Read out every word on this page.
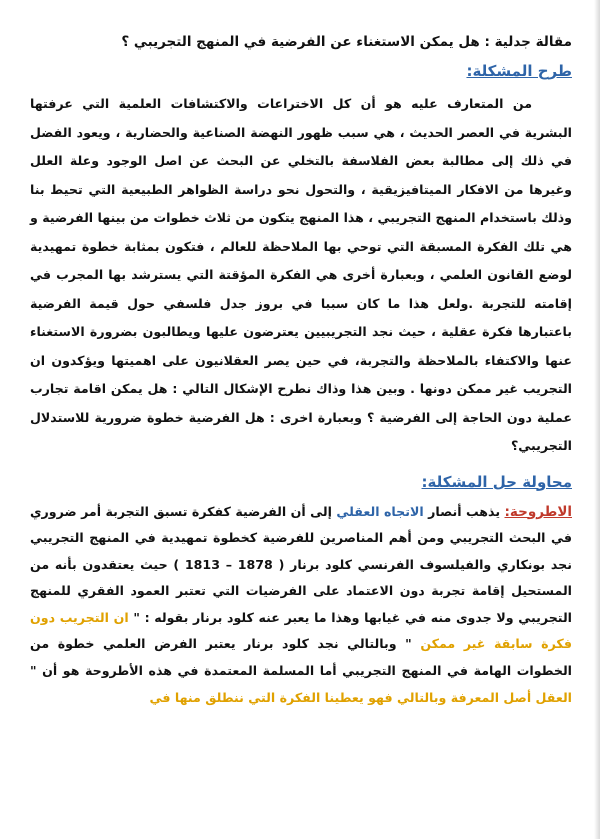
مقالة جدلية : هل يمكن الاستغناء عن الفرضية في المنهج التجريبي ؟
طرح المشكلة:

من المتعارف عليه هو أن كل الاختراعات والاكتشافات العلمية التي عرفتها البشرية في العصر الحديث ، هي سبب ظهور النهضة الصناعية والحضارية ، ويعود الفضل في ذلك إلى مطالبة بعض الفلاسفة بالتخلي عن البحث عن اصل الوجود وعلة العلل وغيرها من الافكار الميتافيزيقية ، والتحول نحو دراسة الظواهر الطبيعية التي تحيط بنا وذلك باستخدام المنهج التجريبي ، هذا المنهج يتكون من ثلاث خطوات من بينها الفرضية و هي تلك الفكرة المسبقة التي توحي بها الملاحظة للعالم ، فتكون بمثابة خطوة تمهيدية لوضع القانون العلمي ، وبعبارة أخرى هي الفكرة المؤقتة التي يسترشد بها المجرب في إقامته للتجربة .ولعل هذا ما كان سببا في بروز جدل فلسفي حول قيمة الفرضية باعتبارها فكرة عقلية ، حيث نجد التجريبيين يعترضون عليها ويطالبون بضرورة الاستغناء عنها والاكتفاء بالملاحظة والتجربة، في حين يصر العقلانيون على اهميتها ويؤكدون ان التجريب غير ممكن دونها . وبين هذا وذاك نطرح الإشكال التالي : هل يمكن اقامة تجارب عملية دون الحاجة إلى الفرضية ؟ وبعبارة اخرى : هل الفرضية خطوة ضرورية للاستدلال التجريبي؟

محاولة حل المشكلة:

الاطروحة: يذهب أنصار الاتجاه العقلي إلى أن الفرضية كفكرة تسبق التجربة أمر ضروري في البحث التجريبي ومن أهم المناصرين للفرضية كخطوة تمهيدية في المنهج التجريبي نجد بونكاري والفيلسوف الفرنسي كلود برنار ( 1878 – 1813 ) حيث يعتقدون بأنه من المستحيل إقامة تجربة دون الاعتماد على الفرضيات التي تعتبر العمود الفقري للمنهج التجريبي ولا جدوى منه في غيابها وهذا ما يعبر عنه كلود برنار بقوله : " ان التجريب دون فكرة سابقة غير ممكن " وبالتالي نجد كلود برنار يعتبر الفرض العلمي خطوة من الخطوات الهامة في المنهج التجريبي أما المسلمة المعتمدة في هذه الأطروحة هو أن " العقل أصل المعرفة وبالتالي فهو يعطينا الفكرة التي ننطلق منها في
